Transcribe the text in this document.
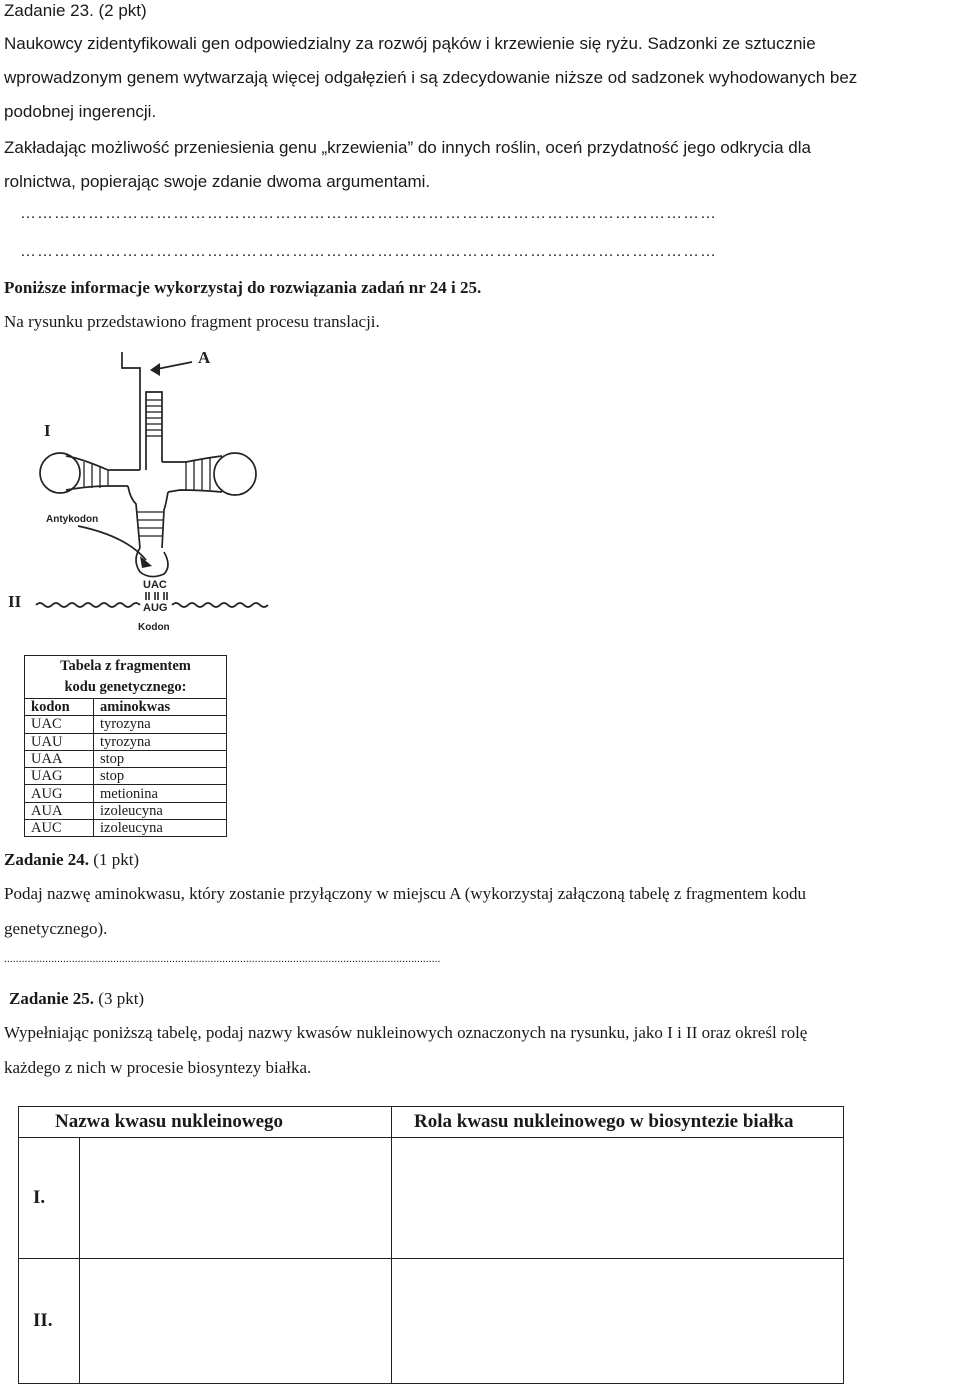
Zadanie 23. (2 pkt)
Naukowcy zidentyfikowali gen odpowiedzialny za rozwój pąków i krzewienie się ryżu. Sadzonki ze sztucznie
wprowadzonym genem wytwarzają więcej odgałęzień i są zdecydowanie niższe od sadzonek wyhodowanych bez
podobnej ingerencji.
Zakładając możliwość przeniesienia genu „krzewienia” do innych roślin, oceń przydatność jego odkrycia dla
rolnictwa, popierając swoje zdanie dwoma argumentami.
……………………………………………………………………………………………………………
……………………………………………………………………………………………………………
Poniższe informacje wykorzystaj do rozwiązania zadań nr 24 i 25.
Na rysunku przedstawiono fragment procesu translacji.
A
I
II
Antykodon
UAC
AUG
Kodon
Tabela z fragmentem	
kodu genetycznego:	
kodon	aminokwas
UAC	tyrozyna
UAU	tyrozyna
UAA	stop
UAG	stop
AUG	metionina
AUA	izoleucyna
AUC	izoleucyna
Zadanie 24. (1 pkt)
Podaj nazwę aminokwasu, który zostanie przyłączony w miejscu A (wykorzystaj załączoną tabelę z fragmentem kodu
genetycznego).
....................................................................................................................................................
Zadanie 25. (3 pkt)
Wypełniając poniższą tabelę, podaj nazwy kwasów nukleinowych oznaczonych na rysunku, jako I i II oraz określ rolę
każdego z nich w procesie biosyntezy białka.
Nazwa kwasu nukleinowego		Rola kwasu nukleinowego w biosyntezie białka
I.		
II.		
